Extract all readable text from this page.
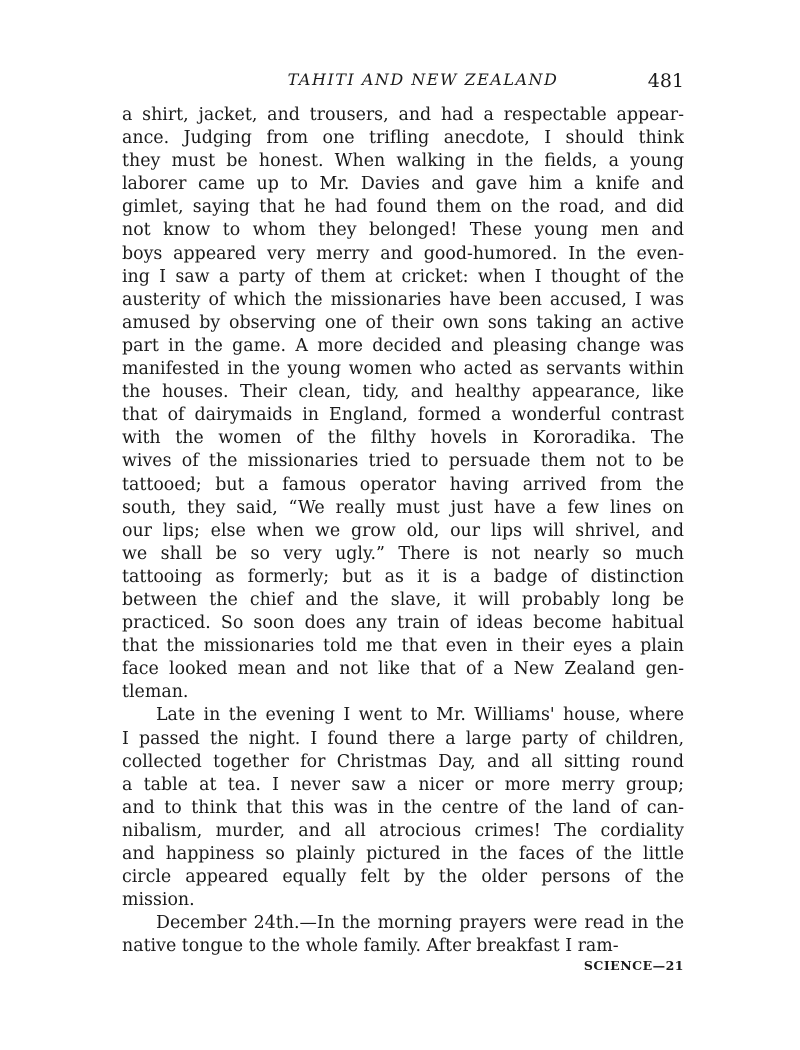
TAHITI AND NEW ZEALAND	481
a shirt, jacket, and trousers, and had a respectable appear-
ance. Judging from one trifling anecdote, I should think
they must be honest. When walking in the fields, a young
laborer came up to Mr. Davies and gave him a knife and
gimlet, saying that he had found them on the road, and did
not know to whom they belonged! These young men and
boys appeared very merry and good-humored. In the even-
ing I saw a party of them at cricket: when I thought of the
austerity of which the missionaries have been accused, I was
amused by observing one of their own sons taking an active
part in the game. A more decided and pleasing change was
manifested in the young women who acted as servants within
the houses. Their clean, tidy, and healthy appearance, like
that of dairymaids in England, formed a wonderful contrast
with the women of the filthy hovels in Kororadika. The
wives of the missionaries tried to persuade them not to be
tattooed; but a famous operator having arrived from the
south, they said, “We really must just have a few lines on
our lips; else when we grow old, our lips will shrivel, and
we shall be so very ugly.” There is not nearly so much
tattooing as formerly; but as it is a badge of distinction
between the chief and the slave, it will probably long be
practiced. So soon does any train of ideas become habitual
that the missionaries told me that even in their eyes a plain
face looked mean and not like that of a New Zealand gen-
tleman.
Late in the evening I went to Mr. Williams' house, where
I passed the night. I found there a large party of children,
collected together for Christmas Day, and all sitting round
a table at tea. I never saw a nicer or more merry group;
and to think that this was in the centre of the land of can-
nibalism, murder, and all atrocious crimes! The cordiality
and happiness so plainly pictured in the faces of the little
circle appeared equally felt by the older persons of the
mission.
December 24th.—In the morning prayers were read in the
native tongue to the whole family. After breakfast I ram-
SCIENCE—21
